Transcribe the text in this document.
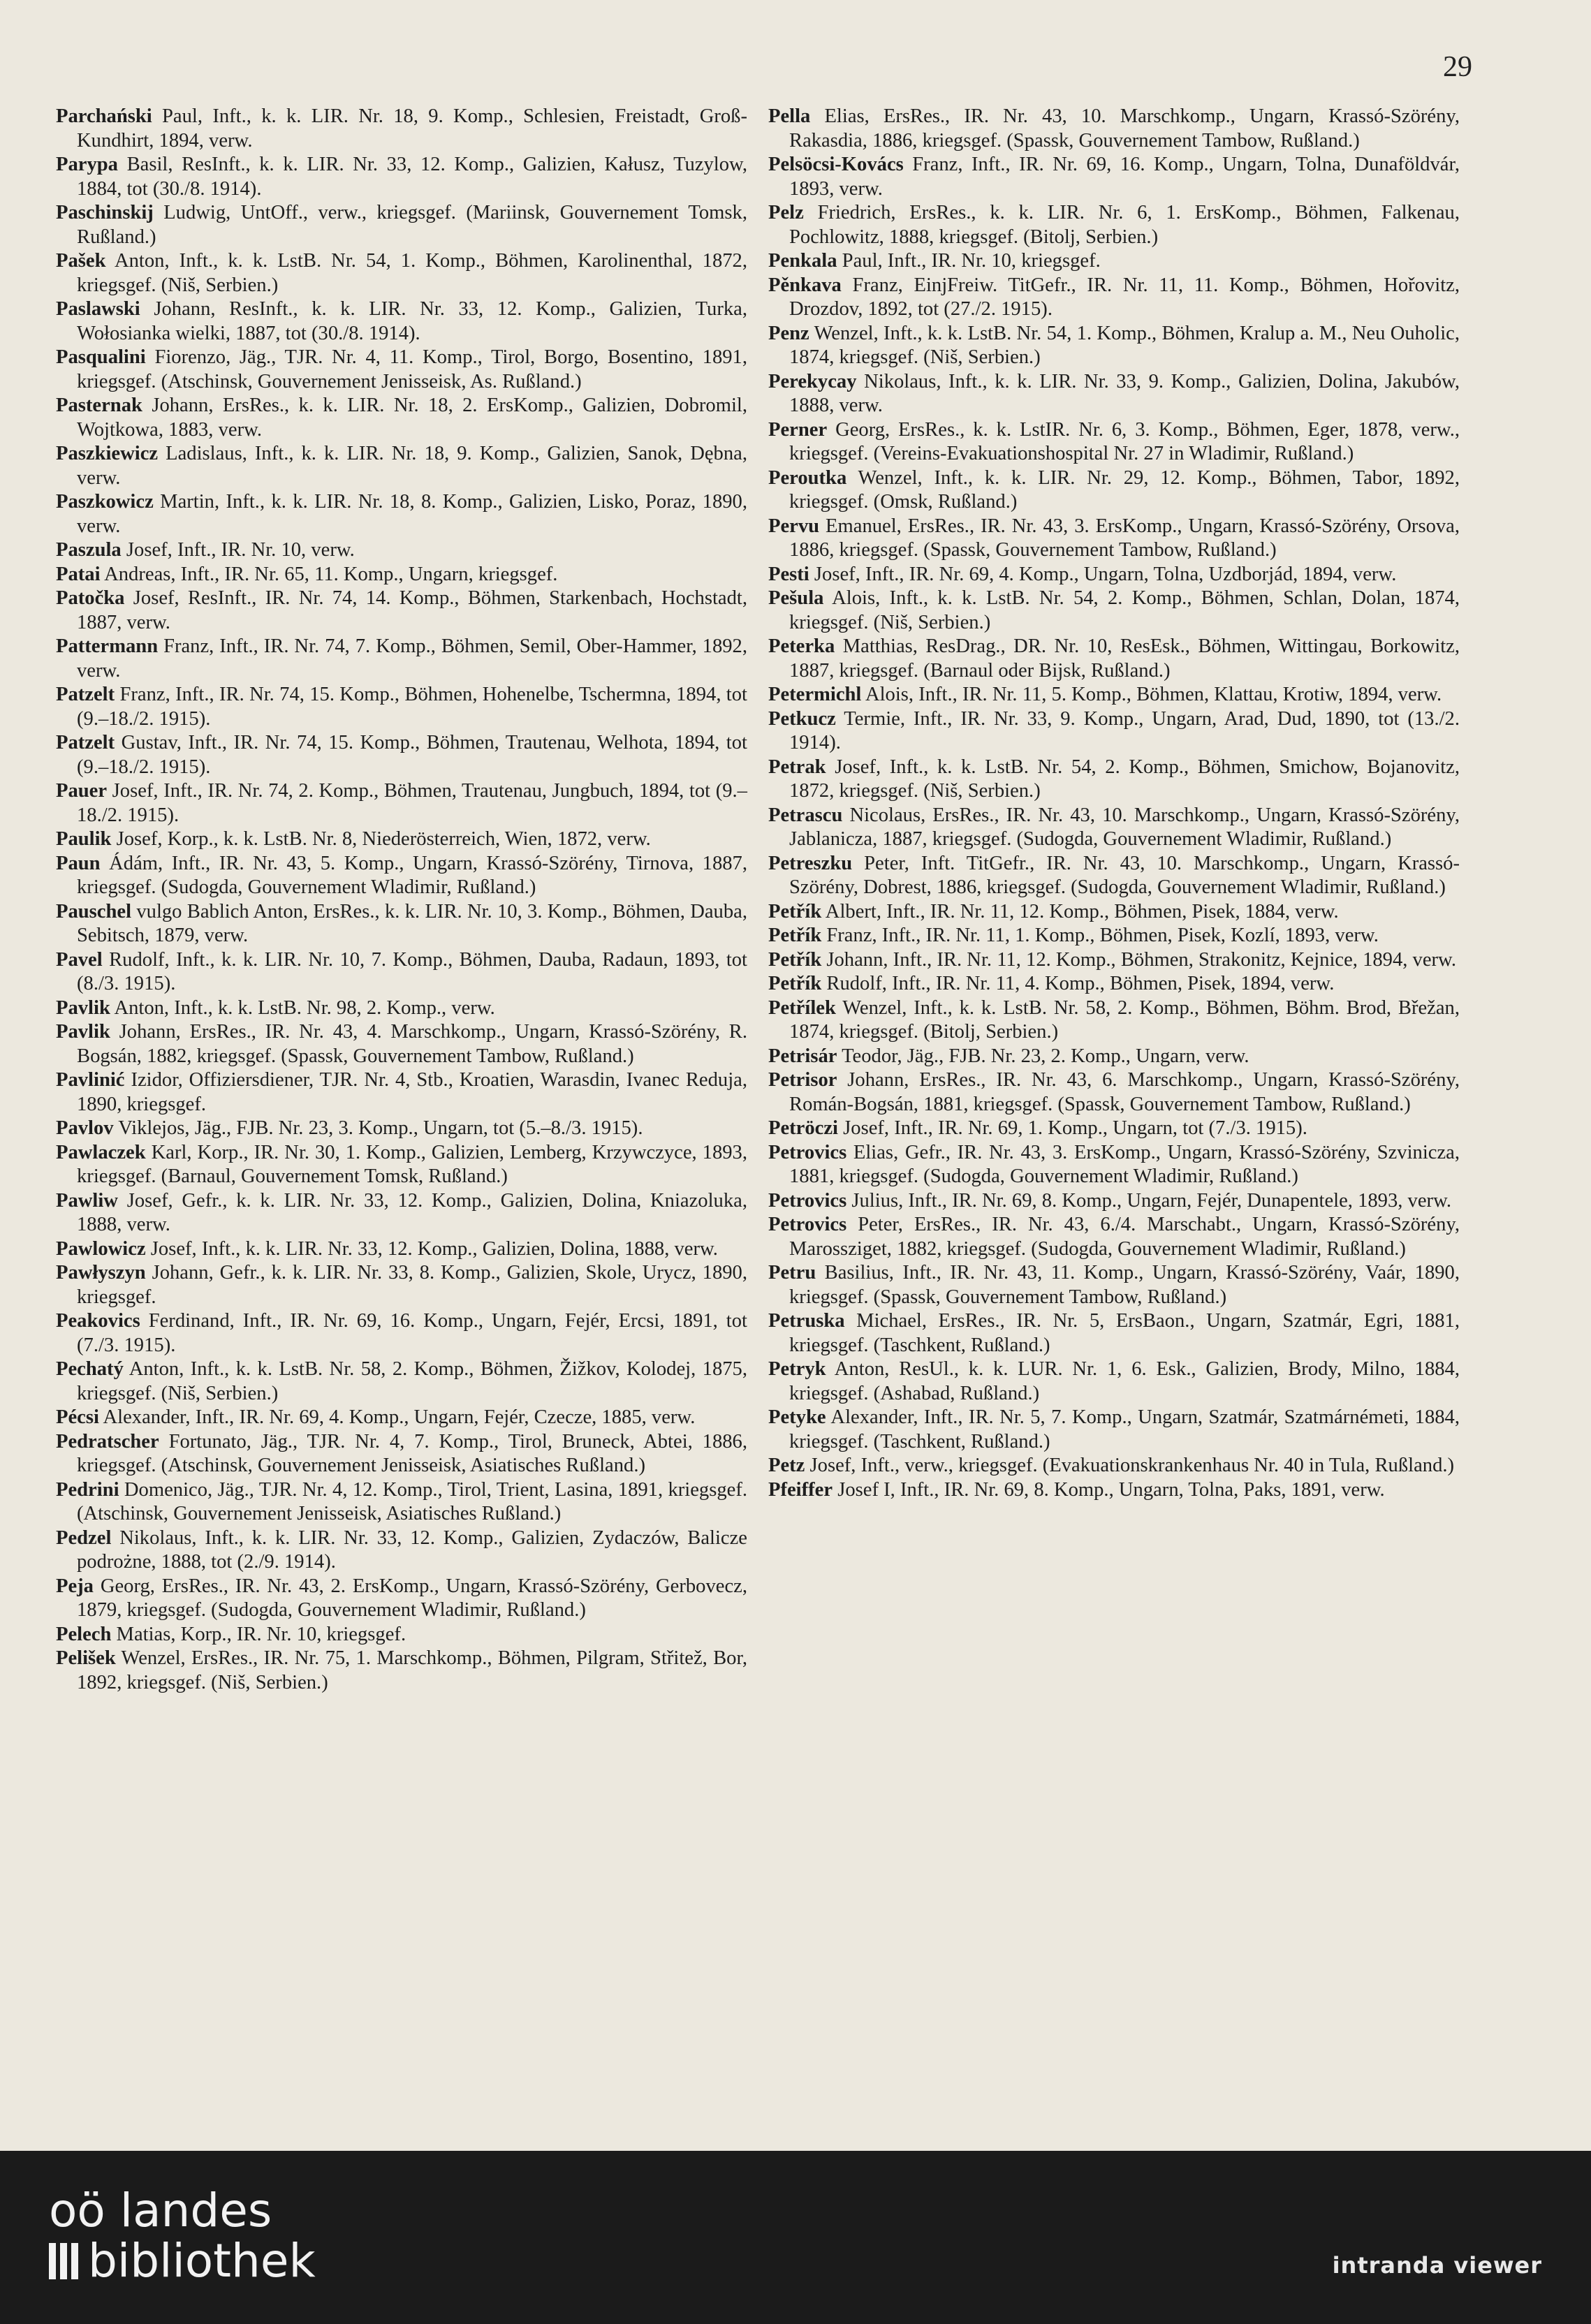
29

Parchański Paul, Inft., k. k. LIR. Nr. 18, 9. Komp., Schlesien, Freistadt, Groß-Kundhirt, 1894, verw.

Parypa Basil, ResInft., k. k. LIR. Nr. 33, 12. Komp., Galizien, Kałusz, Tuzylow, 1884, tot (30./8. 1914).

Paschinskij Ludwig, UntOff., verw., kriegsgef. (Mariinsk, Gouvernement Tomsk, Rußland.)

Pašek Anton, Inft., k. k. LstB. Nr. 54, 1. Komp., Böhmen, Karolinenthal, 1872, kriegsgef. (Niš, Serbien.)

Paslawski Johann, ResInft., k. k. LIR. Nr. 33, 12. Komp., Galizien, Turka, Wołosianka wielki, 1887, tot (30./8. 1914).

Pasqualini Fiorenzo, Jäg., TJR. Nr. 4, 11. Komp., Tirol, Borgo, Bosentino, 1891, kriegsgef. (Atschinsk, Gouvernement Jenisseisk, As. Rußland.)

Pasternak Johann, ErsRes., k. k. LIR. Nr. 18, 2. ErsKomp., Galizien, Dobromil, Wojtkowa, 1883, verw.

Paszkiewicz Ladislaus, Inft., k. k. LIR. Nr. 18, 9. Komp., Galizien, Sanok, Dębna, verw.

Paszkowicz Martin, Inft., k. k. LIR. Nr. 18, 8. Komp., Galizien, Lisko, Poraz, 1890, verw.

Paszula Josef, Inft., IR. Nr. 10, verw.

Patai Andreas, Inft., IR. Nr. 65, 11. Komp., Ungarn, kriegsgef.

Patočka Josef, ResInft., IR. Nr. 74, 14. Komp., Böhmen, Starkenbach, Hochstadt, 1887, verw.

Pattermann Franz, Inft., IR. Nr. 74, 7. Komp., Böhmen, Semil, Ober-Hammer, 1892, verw.

Patzelt Franz, Inft., IR. Nr. 74, 15. Komp., Böhmen, Hohenelbe, Tschermna, 1894, tot (9.–18./2. 1915).

Patzelt Gustav, Inft., IR. Nr. 74, 15. Komp., Böhmen, Trautenau, Welhota, 1894, tot (9.–18./2. 1915).

Pauer Josef, Inft., IR. Nr. 74, 2. Komp., Böhmen, Trautenau, Jungbuch, 1894, tot (9.–18./2. 1915).

Paulik Josef, Korp., k. k. LstB. Nr. 8, Niederösterreich, Wien, 1872, verw.

Paun Ádám, Inft., IR. Nr. 43, 5. Komp., Ungarn, Krassó-Szörény, Tirnova, 1887, kriegsgef. (Sudogda, Gouvernement Wladimir, Rußland.)

Pauschel vulgo Bablich Anton, ErsRes., k. k. LIR. Nr. 10, 3. Komp., Böhmen, Dauba, Sebitsch, 1879, verw.

Pavel Rudolf, Inft., k. k. LIR. Nr. 10, 7. Komp., Böhmen, Dauba, Radaun, 1893, tot (8./3. 1915).

Pavlik Anton, Inft., k. k. LstB. Nr. 98, 2. Komp., verw.

Pavlik Johann, ErsRes., IR. Nr. 43, 4. Marschkomp., Ungarn, Krassó-Szörény, R. Bogsán, 1882, kriegsgef. (Spassk, Gouvernement Tambow, Rußland.)

Pavlinić Izidor, Offiziersdiener, TJR. Nr. 4, Stb., Kroatien, Warasdin, Ivanec Reduja, 1890, kriegsgef.

Pavlov Viklejos, Jäg., FJB. Nr. 23, 3. Komp., Ungarn, tot (5.–8./3. 1915).

Pawlaczek Karl, Korp., IR. Nr. 30, 1. Komp., Galizien, Lemberg, Krzywczyce, 1893, kriegsgef. (Barnaul, Gouvernement Tomsk, Rußland.)

Pawliw Josef, Gefr., k. k. LIR. Nr. 33, 12. Komp., Galizien, Dolina, Kniazoluka, 1888, verw.

Pawlowicz Josef, Inft., k. k. LIR. Nr. 33, 12. Komp., Galizien, Dolina, 1888, verw.

Pawłyszyn Johann, Gefr., k. k. LIR. Nr. 33, 8. Komp., Galizien, Skole, Urycz, 1890, kriegsgef.

Peakovics Ferdinand, Inft., IR. Nr. 69, 16. Komp., Ungarn, Fejér, Ercsi, 1891, tot (7./3. 1915).

Pechatý Anton, Inft., k. k. LstB. Nr. 58, 2. Komp., Böhmen, Žižkov, Kolodej, 1875, kriegsgef. (Niš, Serbien.)

Pécsi Alexander, Inft., IR. Nr. 69, 4. Komp., Ungarn, Fejér, Czecze, 1885, verw.

Pedratscher Fortunato, Jäg., TJR. Nr. 4, 7. Komp., Tirol, Bruneck, Abtei, 1886, kriegsgef. (Atschinsk, Gouvernement Jenisseisk, Asiatisches Rußland.)

Pedrini Domenico, Jäg., TJR. Nr. 4, 12. Komp., Tirol, Trient, Lasina, 1891, kriegsgef. (Atschinsk, Gouvernement Jenisseisk, Asiatisches Rußland.)

Pedzel Nikolaus, Inft., k. k. LIR. Nr. 33, 12. Komp., Galizien, Zydaczów, Balicze podrożne, 1888, tot (2./9. 1914).

Peja Georg, ErsRes., IR. Nr. 43, 2. ErsKomp., Ungarn, Krassó-Szörény, Gerbovecz, 1879, kriegsgef. (Sudogda, Gouvernement Wladimir, Rußland.)

Pelech Matias, Korp., IR. Nr. 10, kriegsgef.

Pelišek Wenzel, ErsRes., IR. Nr. 75, 1. Marschkomp., Böhmen, Pilgram, Střitež, Bor, 1892, kriegsgef. (Niš, Serbien.)

Pella Elias, ErsRes., IR. Nr. 43, 10. Marschkomp., Ungarn, Krassó-Szörény, Rakasdia, 1886, kriegsgef. (Spassk, Gouvernement Tambow, Rußland.)

Pelsöcsi-Kovács Franz, Inft., IR. Nr. 69, 16. Komp., Ungarn, Tolna, Dunaföldvár, 1893, verw.

Pelz Friedrich, ErsRes., k. k. LIR. Nr. 6, 1. ErsKomp., Böhmen, Falkenau, Pochlowitz, 1888, kriegsgef. (Bitolj, Serbien.)

Penkala Paul, Inft., IR. Nr. 10, kriegsgef.

Pěnkava Franz, EinjFreiw. TitGefr., IR. Nr. 11, 11. Komp., Böhmen, Hořovitz, Drozdov, 1892, tot (27./2. 1915).

Penz Wenzel, Inft., k. k. LstB. Nr. 54, 1. Komp., Böhmen, Kralup a. M., Neu Ouholic, 1874, kriegsgef. (Niš, Serbien.)

Perekycay Nikolaus, Inft., k. k. LIR. Nr. 33, 9. Komp., Galizien, Dolina, Jakubów, 1888, verw.

Perner Georg, ErsRes., k. k. LstIR. Nr. 6, 3. Komp., Böhmen, Eger, 1878, verw., kriegsgef. (Vereins-Evakuationshospital Nr. 27 in Wladimir, Rußland.)

Peroutka Wenzel, Inft., k. k. LIR. Nr. 29, 12. Komp., Böhmen, Tabor, 1892, kriegsgef. (Omsk, Rußland.)

Pervu Emanuel, ErsRes., IR. Nr. 43, 3. ErsKomp., Ungarn, Krassó-Szörény, Orsova, 1886, kriegsgef. (Spassk, Gouvernement Tambow, Rußland.)

Pesti Josef, Inft., IR. Nr. 69, 4. Komp., Ungarn, Tolna, Uzdborjád, 1894, verw.

Pešula Alois, Inft., k. k. LstB. Nr. 54, 2. Komp., Böhmen, Schlan, Dolan, 1874, kriegsgef. (Niš, Serbien.)

Peterka Matthias, ResDrag., DR. Nr. 10, ResEsk., Böhmen, Wittingau, Borkowitz, 1887, kriegsgef. (Barnaul oder Bijsk, Rußland.)

Petermichl Alois, Inft., IR. Nr. 11, 5. Komp., Böhmen, Klattau, Krotiw, 1894, verw.

Petkucz Termie, Inft., IR. Nr. 33, 9. Komp., Ungarn, Arad, Dud, 1890, tot (13./2. 1914).

Petrak Josef, Inft., k. k. LstB. Nr. 54, 2. Komp., Böhmen, Smichow, Bojanovitz, 1872, kriegsgef. (Niš, Serbien.)

Petrascu Nicolaus, ErsRes., IR. Nr. 43, 10. Marschkomp., Ungarn, Krassó-Szörény, Jablanicza, 1887, kriegsgef. (Sudogda, Gouvernement Wladimir, Rußland.)

Petreszku Peter, Inft. TitGefr., IR. Nr. 43, 10. Marschkomp., Ungarn, Krassó-Szörény, Dobrest, 1886, kriegsgef. (Sudogda, Gouvernement Wladimir, Rußland.)

Petřík Albert, Inft., IR. Nr. 11, 12. Komp., Böhmen, Pisek, 1884, verw.

Petřík Franz, Inft., IR. Nr. 11, 1. Komp., Böhmen, Pisek, Kozlí, 1893, verw.

Petřík Johann, Inft., IR. Nr. 11, 12. Komp., Böhmen, Strakonitz, Kejnice, 1894, verw.

Petřík Rudolf, Inft., IR. Nr. 11, 4. Komp., Böhmen, Pisek, 1894, verw.

Petřílek Wenzel, Inft., k. k. LstB. Nr. 58, 2. Komp., Böhmen, Böhm. Brod, Břežan, 1874, kriegsgef. (Bitolj, Serbien.)

Petrisár Teodor, Jäg., FJB. Nr. 23, 2. Komp., Ungarn, verw.

Petrisor Johann, ErsRes., IR. Nr. 43, 6. Marschkomp., Ungarn, Krassó-Szörény, Román-Bogsán, 1881, kriegsgef. (Spassk, Gouvernement Tambow, Rußland.)

Petröczi Josef, Inft., IR. Nr. 69, 1. Komp., Ungarn, tot (7./3. 1915).

Petrovics Elias, Gefr., IR. Nr. 43, 3. ErsKomp., Ungarn, Krassó-Szörény, Szvinicza, 1881, kriegsgef. (Sudogda, Gouvernement Wladimir, Rußland.)

Petrovics Julius, Inft., IR. Nr. 69, 8. Komp., Ungarn, Fejér, Dunapentele, 1893, verw.

Petrovics Peter, ErsRes., IR. Nr. 43, 6./4. Marschabt., Ungarn, Krassó-Szörény, Marossziget, 1882, kriegsgef. (Sudogda, Gouvernement Wladimir, Rußland.)

Petru Basilius, Inft., IR. Nr. 43, 11. Komp., Ungarn, Krassó-Szörény, Vaár, 1890, kriegsgef. (Spassk, Gouvernement Tambow, Rußland.)

Petruska Michael, ErsRes., IR. Nr. 5, ErsBaon., Ungarn, Szatmár, Egri, 1881, kriegsgef. (Taschkent, Rußland.)

Petryk Anton, ResUl., k. k. LUR. Nr. 1, 6. Esk., Galizien, Brody, Milno, 1884, kriegsgef. (Ashabad, Rußland.)

Petyke Alexander, Inft., IR. Nr. 5, 7. Komp., Ungarn, Szatmár, Szatmárnémeti, 1884, kriegsgef. (Taschkent, Rußland.)

Petz Josef, Inft., verw., kriegsgef. (Evakuationskrankenhaus Nr. 40 in Tula, Rußland.)

Pfeiffer Josef I, Inft., IR. Nr. 69, 8. Komp., Ungarn, Tolna, Paks, 1891, verw.

oö landes
bibliothek	intranda viewer
